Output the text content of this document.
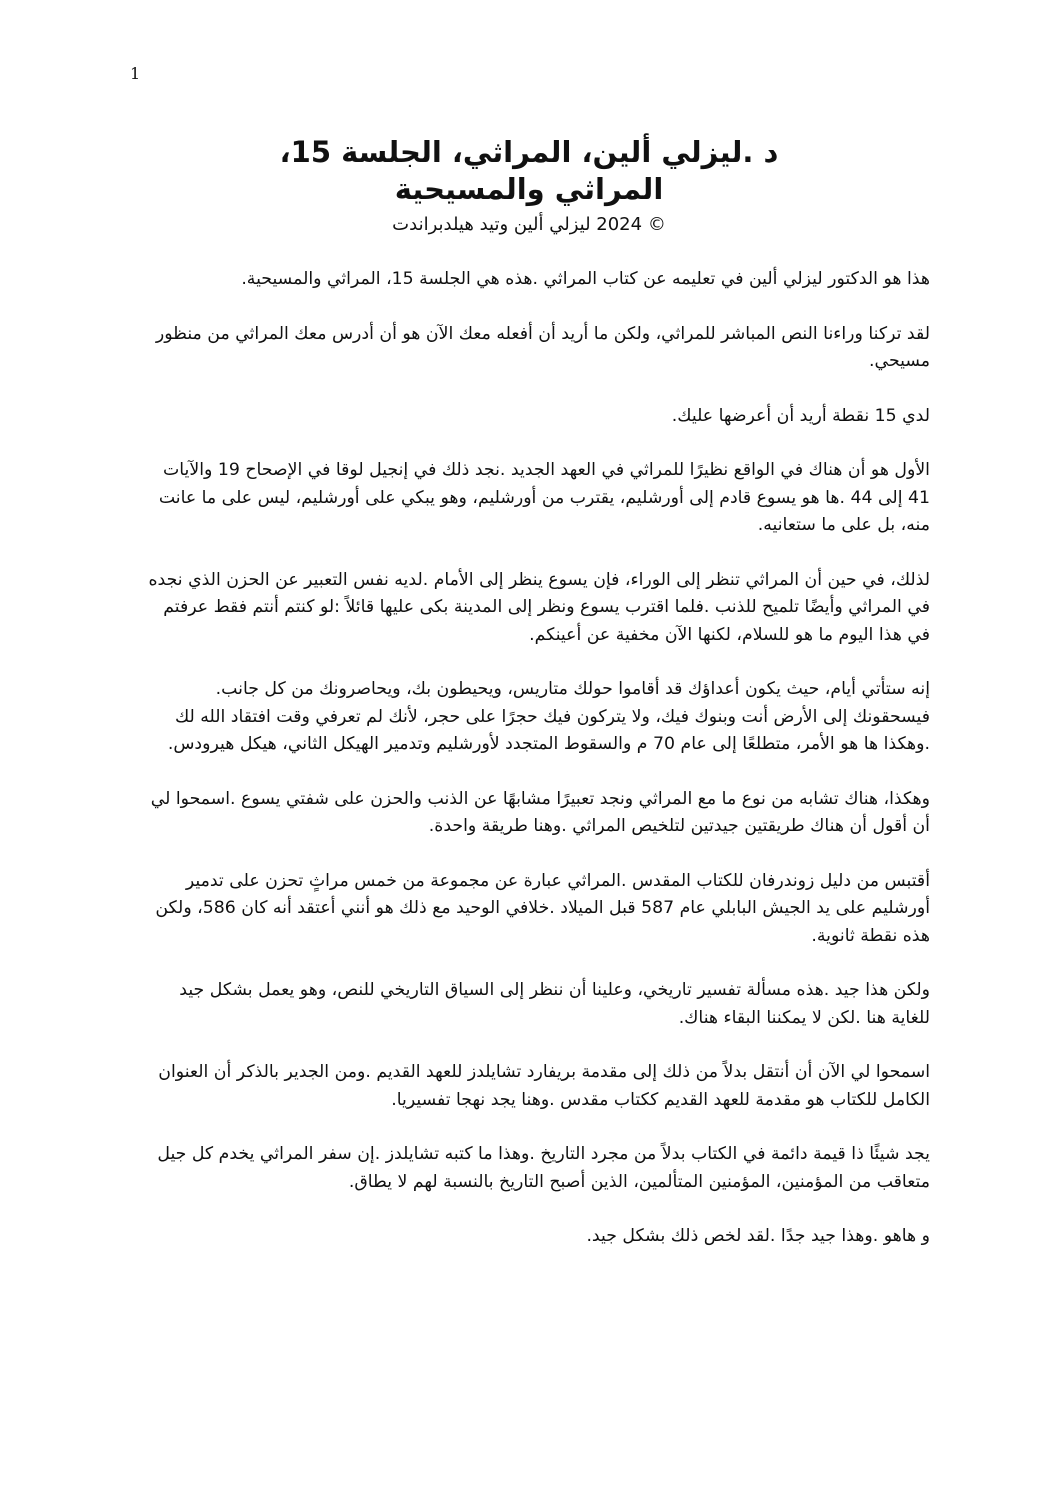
1
د .ليزلي ألين، المراثي، الجلسة 15،
المراثي والمسيحية
© 2024 ليزلي ألين وتيد هيلدبراندت

هذا هو الدكتور ليزلي ألين في تعليمه عن كتاب المراثي .هذه هي الجلسة 15، المراثي والمسيحية.

لقد تركنا وراءنا النص المباشر للمراثي، ولكن ما أريد أن أفعله معك الآن هو أن أدرس معك المراثي من منظور مسيحي.

لدي 15 نقطة أريد أن أعرضها عليك.

الأول هو أن هناك في الواقع نظيرًا للمراثي في العهد الجديد .نجد ذلك في إنجيل لوقا في الإصحاح 19 والآيات 41 إلى 44 .ها هو يسوع قادم إلى أورشليم، يقترب من أورشليم، وهو يبكي على أورشليم، ليس على ما عانت منه، بل على ما ستعانيه.

لذلك، في حين أن المراثي تنظر إلى الوراء، فإن يسوع ينظر إلى الأمام .لديه نفس التعبير عن الحزن الذي نجده في المراثي وأيضًا تلميح للذنب .فلما اقترب يسوع ونظر إلى المدينة بكى عليها قائلاً :لو كنتم أنتم فقط عرفتم في هذا اليوم ما هو للسلام، لكنها الآن مخفية عن أعينكم.

إنه ستأتي أيام، حيث يكون أعداؤك قد أقاموا حولك متاريس، ويحيطون بك، ويحاصرونك من كل جانب. فيسحقونك إلى الأرض أنت وبنوك فيك، ولا يتركون فيك حجرًا على حجر، لأنك لم تعرفي وقت افتقاد الله لك .وهكذا ها هو الأمر، متطلعًا إلى عام 70 م والسقوط المتجدد لأورشليم وتدمير الهيكل الثاني، هيكل هيرودس.

وهكذا، هناك تشابه من نوع ما مع المراثي ونجد تعبيرًا مشابهًا عن الذنب والحزن على شفتي يسوع .اسمحوا لي أن أقول أن هناك طريقتين جيدتين لتلخيص المراثي .وهنا طريقة واحدة.

أقتبس من دليل زوندرفان للكتاب المقدس .المراثي عبارة عن مجموعة من خمس مراثٍ تحزن على تدمير أورشليم على يد الجيش البابلي عام 587 قبل الميلاد .خلافي الوحيد مع ذلك هو أنني أعتقد أنه كان 586، ولكن هذه نقطة ثانوية.

ولكن هذا جيد .هذه مسألة تفسير تاريخي، وعلينا أن ننظر إلى السياق التاريخي للنص، وهو يعمل بشكل جيد للغاية هنا .لكن لا يمكننا البقاء هناك.

اسمحوا لي الآن أن أنتقل بدلاً من ذلك إلى مقدمة بريفارد تشايلدز للعهد القديم .ومن الجدير بالذكر أن العنوان الكامل للكتاب هو مقدمة للعهد القديم ككتاب مقدس .وهنا يجد نهجا تفسيريا.

يجد شيئًا ذا قيمة دائمة في الكتاب بدلاً من مجرد التاريخ .وهذا ما كتبه تشايلدز .إن سفر المراثي يخدم كل جيل متعاقب من المؤمنين، المؤمنين المتألمين، الذين أصبح التاريخ بالنسبة لهم لا يطاق.

و هاهو .وهذا جيد جدًا .لقد لخص ذلك بشكل جيد.
